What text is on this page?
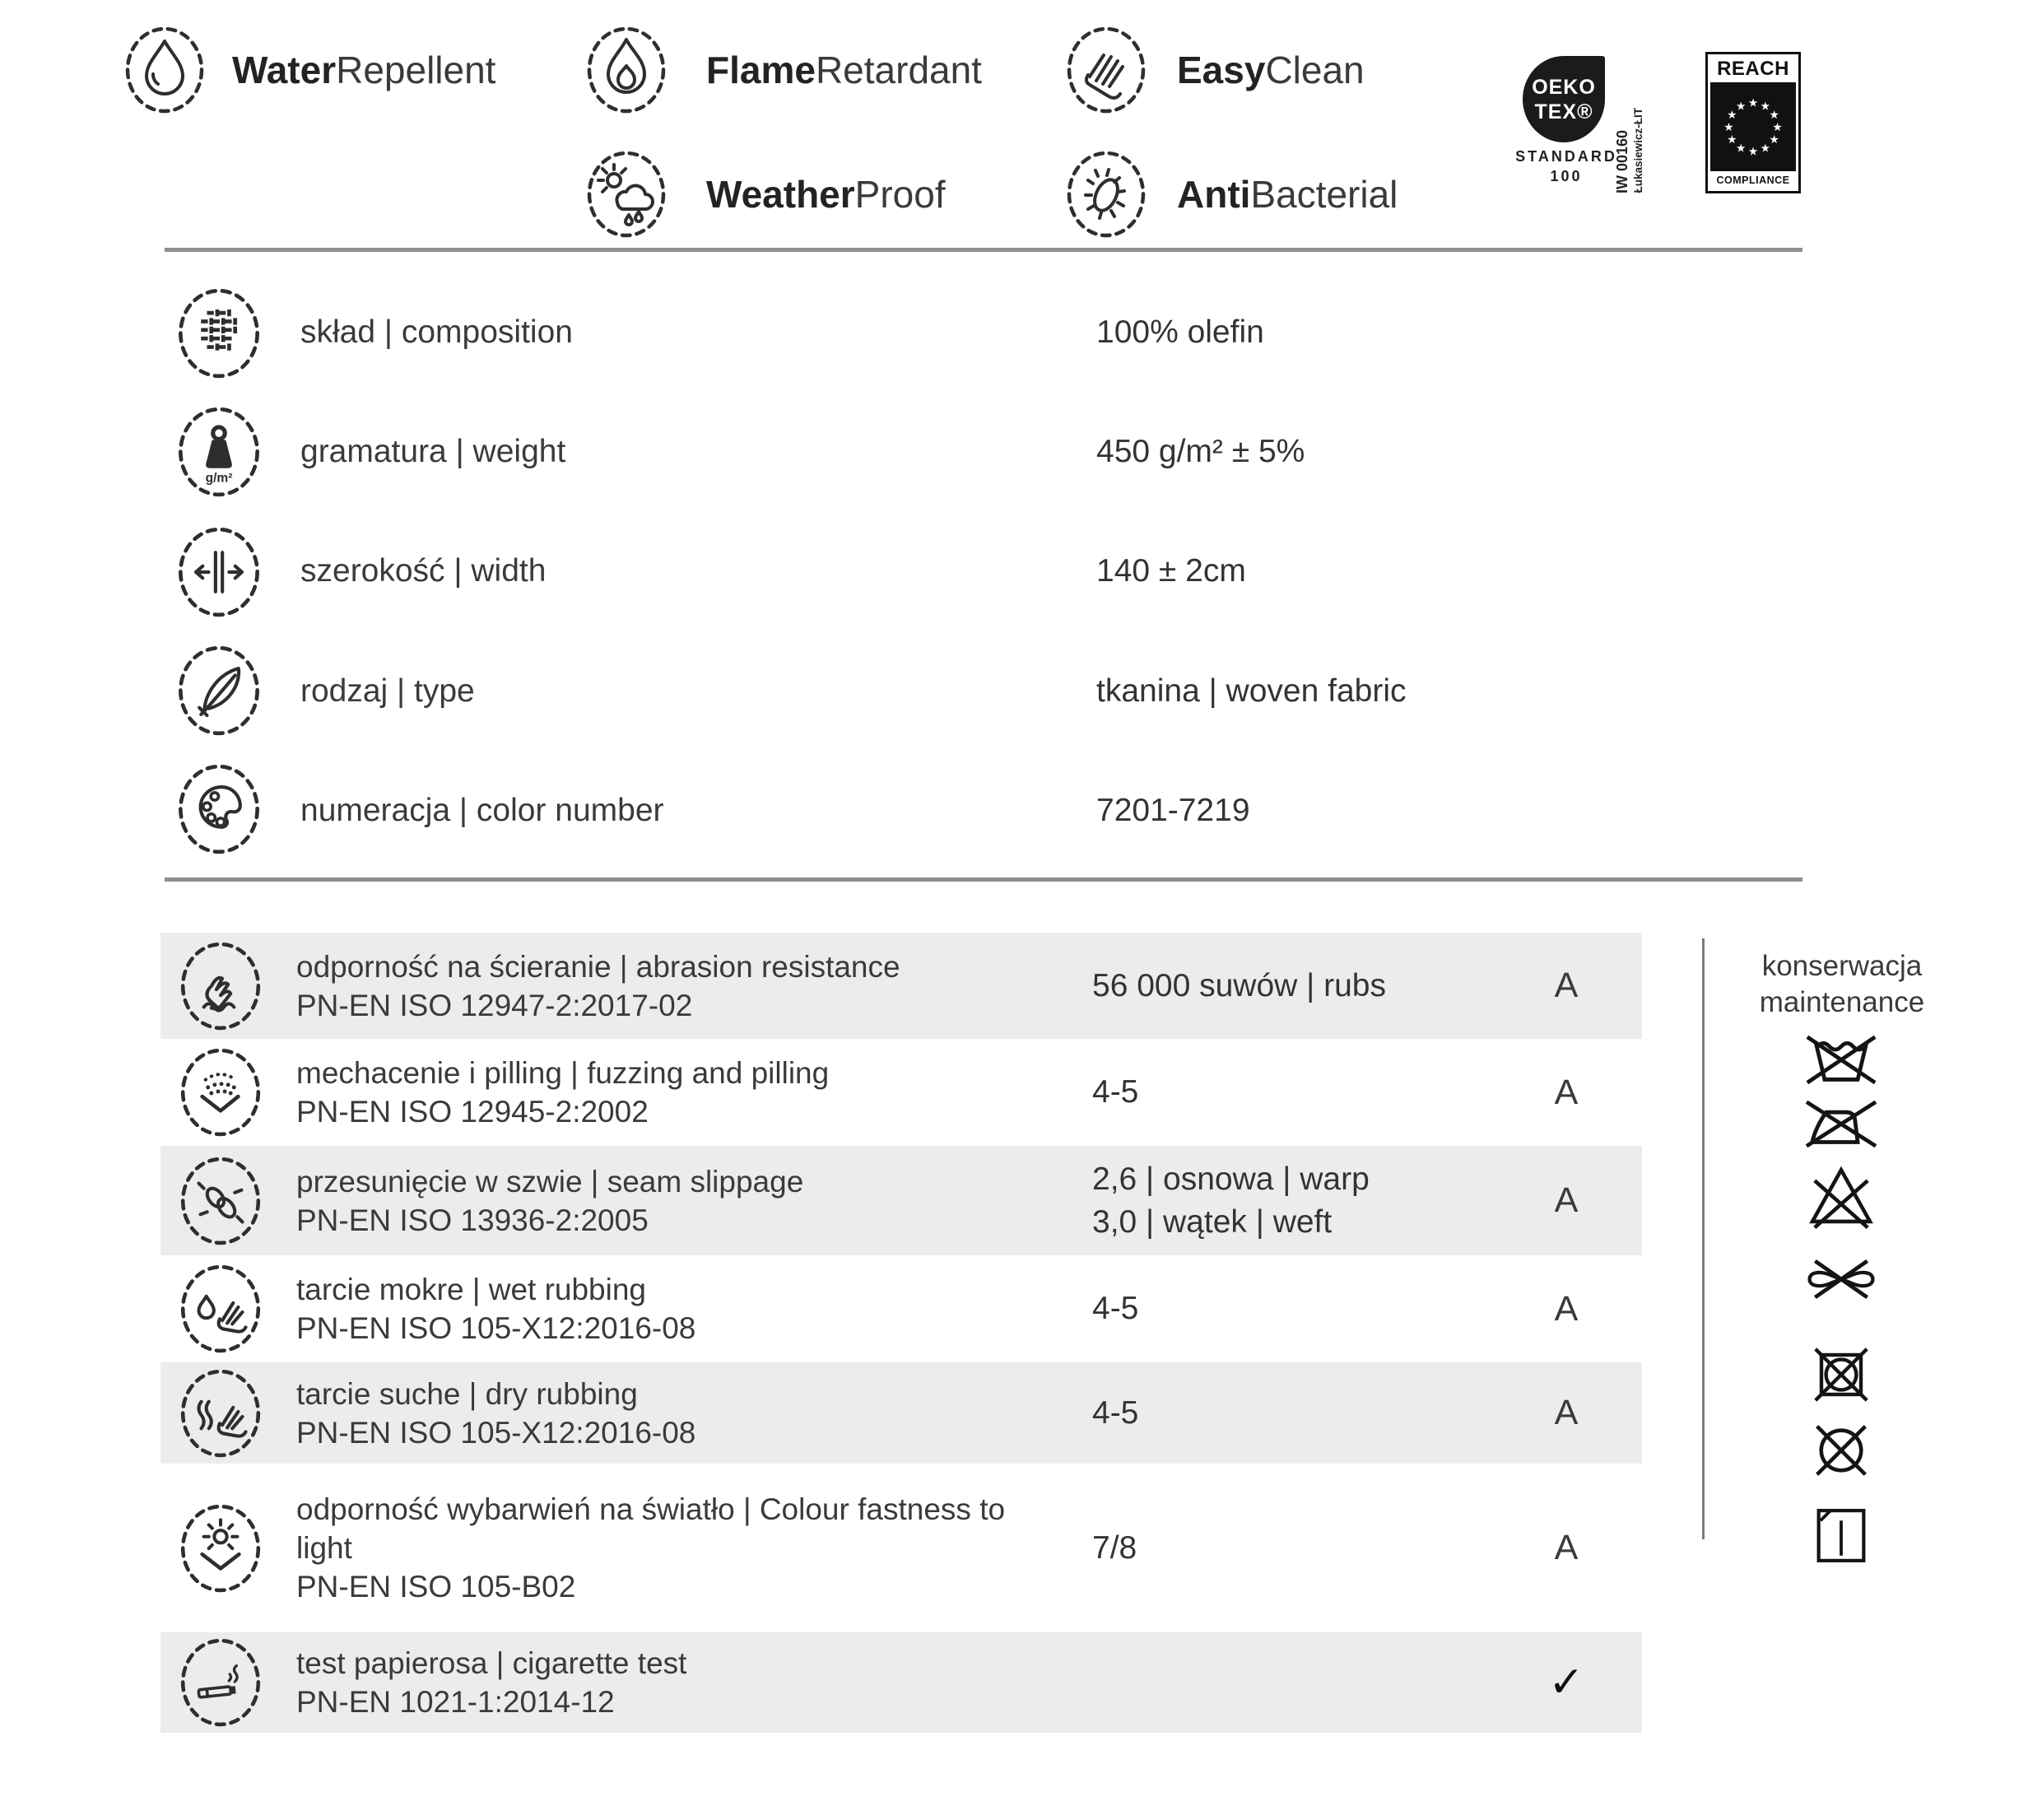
WaterRepellent	FlameRetardant	EasyClean
WeatherProof	AntiBacterial
OEKO
TEX®
STANDARD
100	IW 00160 Łukasiewicz-ŁIT
REACH
★ ★
★
★
★
★
★
★
★
★
★
★
COMPLIANCE
skład | composition	100% olefin
g/m²
gramatura | weight	450 g/m² ± 5%
szerokość | width	140 ± 2cm
rodzaj | type	tkanina | woven fabric
numeracja | color number	7201-7219
odporność na ścieranie | abrasion resistance
PN-EN ISO 12947-2:2017-02
56 000 suwów | rubs	A
mechacenie i pilling | fuzzing and pilling
PN-EN ISO 12945-2:2002
4-5	A
przesunięcie w szwie | seam slippage
PN-EN ISO 13936-2:2005
2,6 | osnowa | warp
3,0 | wątek | weft
A
tarcie mokre | wet rubbing
PN-EN ISO 105-X12:2016-08
4-5	A
tarcie suche | dry rubbing
PN-EN ISO 105-X12:2016-08
4-5	A
odporność wybarwień na światło | Colour fastness to light
PN-EN ISO 105-B02
7/8	A
test papierosa | cigarette test
PN-EN 1021-1:2014-12	✓
konserwacja
maintenance
